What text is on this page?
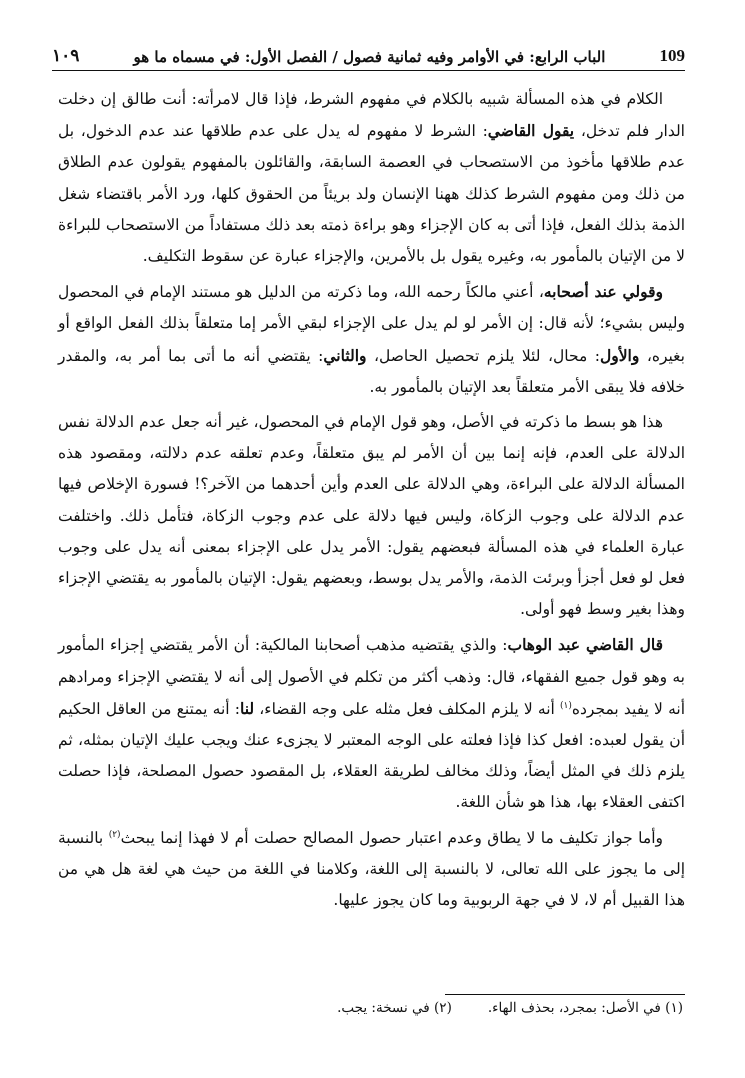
109
الباب الرابع: في الأوامر وفيه ثمانية فصول / الفصل الأول: في مسماه ما هو
١٠٩

الكلام في هذه المسألة شبيه بالكلام في مفهوم الشرط، فإذا قال لامرأته: أنت طالق إن دخلت الدار فلم تدخل، يقول القاضي: الشرط لا مفهوم له يدل على عدم طلاقها عند عدم الدخول، بل عدم طلاقها مأخوذ من الاستصحاب في العصمة السابقة، والقائلون بالمفهوم يقولون عدم الطلاق من ذلك ومن مفهوم الشرط كذلك ههنا الإنسان ولد بريئاً من الحقوق كلها، ورد الأمر باقتضاء شغل الذمة بذلك الفعل، فإذا أتى به كان الإجزاء وهو براءة ذمته بعد ذلك مستفاداً من الاستصحاب للبراءة لا من الإتيان بالمأمور به، وغيره يقول بل بالأمرين، والإجزاء عبارة عن سقوط التكليف.

وقولي عند أصحابه، أعني مالكاً رحمه الله، وما ذكرته من الدليل هو مستند الإمام في المحصول وليس بشيء؛ لأنه قال: إن الأمر لو لم يدل على الإجزاء لبقي الأمر إما متعلقاً بذلك الفعل الواقع أو بغيره، والأول: محال، لئلا يلزم تحصيل الحاصل، والثاني: يقتضي أنه ما أتى بما أمر به، والمقدر خلافه فلا يبقى الأمر متعلقاً بعد الإتيان بالمأمور به.

هذا هو بسط ما ذكرته في الأصل، وهو قول الإمام في المحصول، غير أنه جعل عدم الدلالة نفس الدلالة على العدم، فإنه إنما بين أن الأمر لم يبق متعلقاً، وعدم تعلقه عدم دلالته، ومقصود هذه المسألة الدلالة على البراءة، وهي الدلالة على العدم وأين أحدهما من الآخر؟! فسورة الإخلاص فيها عدم الدلالة على وجوب الزكاة، وليس فيها دلالة على عدم وجوب الزكاة، فتأمل ذلك. واختلفت عبارة العلماء في هذه المسألة فبعضهم يقول: الأمر يدل على الإجزاء بمعنى أنه يدل على وجوب فعل لو فعل أجزأ وبرئت الذمة، والأمر يدل بوسط، وبعضهم يقول: الإتيان بالمأمور به يقتضي الإجزاء وهذا بغير وسط فهو أولى.

قال القاضي عبد الوهاب: والذي يقتضيه مذهب أصحابنا المالكية: أن الأمر يقتضي إجزاء المأمور به وهو قول جميع الفقهاء، قال: وذهب أكثر من تكلم في الأصول إلى أنه لا يقتضي الإجزاء ومرادهم أنه لا يفيد بمجرده$^{(١)}$ أنه لا يلزم المكلف فعل مثله على وجه القضاء، لنا: أنه يمتنع من العاقل الحكيم أن يقول لعبده: افعل كذا فإذا فعلته على الوجه المعتبر لا يجزىء عنك ويجب عليك الإتيان بمثله، ثم يلزم ذلك في المثل أيضاً، وذلك مخالف لطريقة العقلاء، بل المقصود حصول المصلحة، فإذا حصلت اكتفى العقلاء بها، هذا هو شأن اللغة.

وأما جواز تكليف ما لا يطاق وعدم اعتبار حصول المصالح حصلت أم لا فهذا إنما يبحث$^{(٢)}$ بالنسبة إلى ما يجوز على الله تعالى، لا بالنسبة إلى اللغة، وكلامنا في اللغة من حيث هي لغة هل هي من هذا القبيل أم لا، لا في جهة الربوبية وما كان يجوز عليها.

(١) في الأصل: بمجرد، بحذف الهاء.
(٢) في نسخة: يجب.
